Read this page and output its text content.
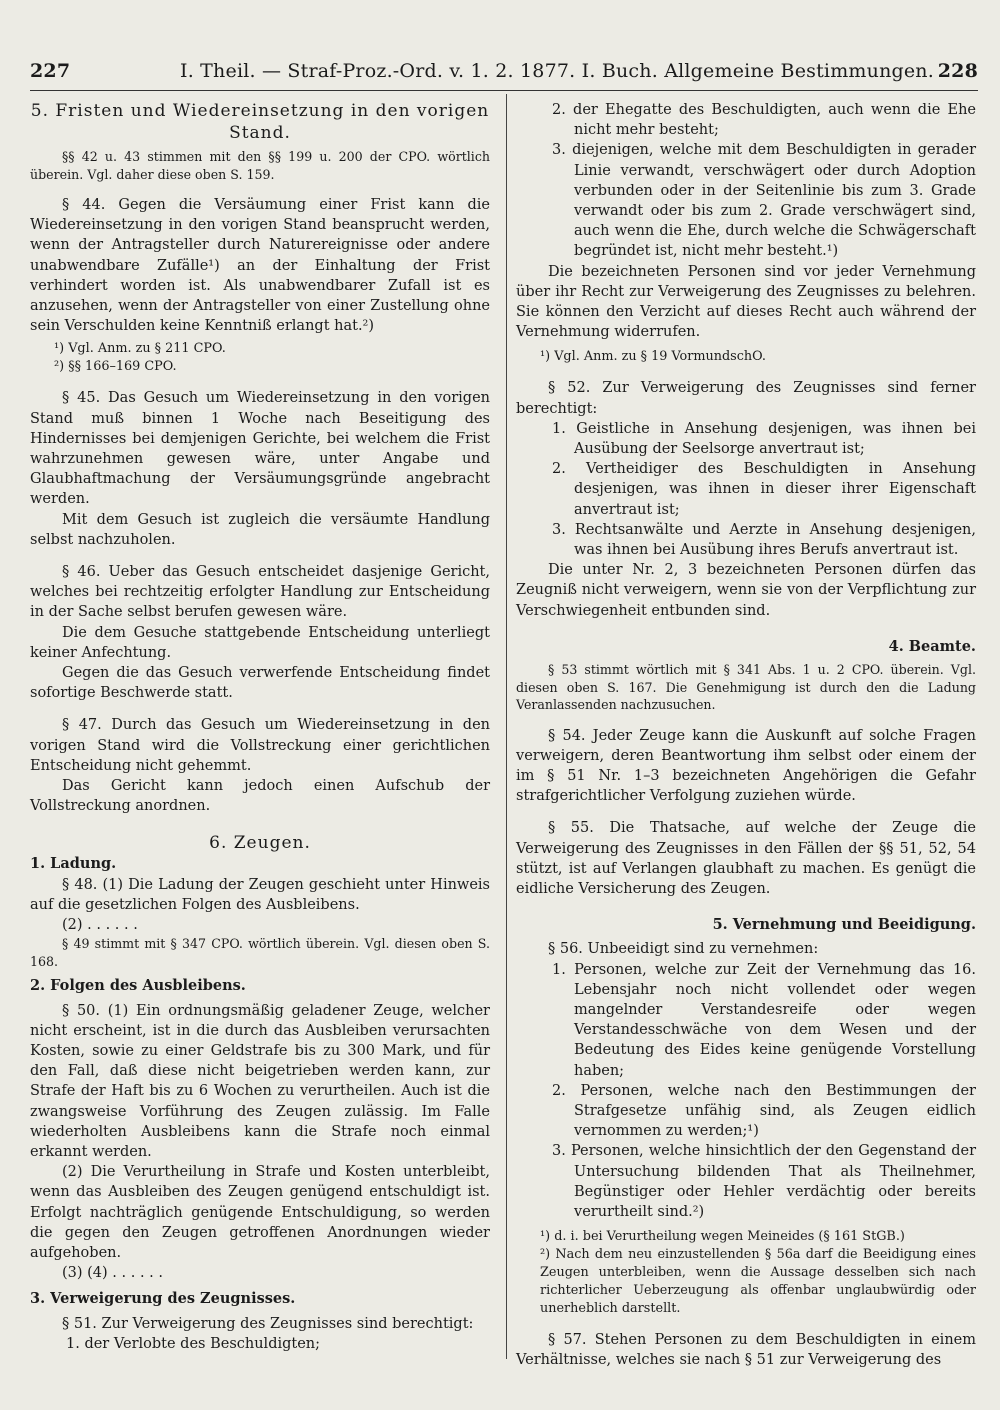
227	I. Theil. — Straf-Proz.-Ord. v. 1. 2. 1877. I. Buch. Allgemeine Bestimmungen. 228

5. Fristen und Wiedereinsetzung in den vorigen Stand.

§§ 42 u. 43 stimmen mit den §§ 199 u. 200 der CPO. wörtlich überein. Vgl. daher diese oben S. 159.

§ 44. Gegen die Versäumung einer Frist kann die Wiedereinsetzung in den vorigen Stand beansprucht werden, wenn der Antragsteller durch Naturereignisse oder andere unabwendbare Zufälle¹) an der Einhaltung der Frist verhindert worden ist. Als unabwendbarer Zufall ist es anzusehen, wenn der Antragsteller von einer Zustellung ohne sein Verschulden keine Kenntniß erlangt hat.²)

¹) Vgl. Anm. zu § 211 CPO.

²) §§ 166–169 CPO.

§ 45. Das Gesuch um Wiedereinsetzung in den vorigen Stand muß binnen 1 Woche nach Beseitigung des Hindernisses bei demjenigen Gerichte, bei welchem die Frist wahrzunehmen gewesen wäre, unter Angabe und Glaubhaftmachung der Versäumungsgründe angebracht werden.

Mit dem Gesuch ist zugleich die versäumte Handlung selbst nachzuholen.

§ 46. Ueber das Gesuch entscheidet dasjenige Gericht, welches bei rechtzeitig erfolgter Handlung zur Entscheidung in der Sache selbst berufen gewesen wäre.

Die dem Gesuche stattgebende Entscheidung unterliegt keiner Anfechtung.

Gegen die das Gesuch verwerfende Entscheidung findet sofortige Beschwerde statt.

§ 47. Durch das Gesuch um Wiedereinsetzung in den vorigen Stand wird die Vollstreckung einer gerichtlichen Entscheidung nicht gehemmt.

Das Gericht kann jedoch einen Aufschub der Vollstreckung anordnen.

6. Zeugen.

1. Ladung.

§ 48. (1) Die Ladung der Zeugen geschieht unter Hinweis auf die gesetzlichen Folgen des Ausbleibens.

(2) . . . . . .

§ 49 stimmt mit § 347 CPO. wörtlich überein. Vgl. diesen oben S. 168.

2. Folgen des Ausbleibens.

§ 50. (1) Ein ordnungsmäßig geladener Zeuge, welcher nicht erscheint, ist in die durch das Ausbleiben verursachten Kosten, sowie zu einer Geldstrafe bis zu 300 Mark, und für den Fall, daß diese nicht beigetrieben werden kann, zur Strafe der Haft bis zu 6 Wochen zu verurtheilen. Auch ist die zwangsweise Vorführung des Zeugen zulässig. Im Falle wiederholten Ausbleibens kann die Strafe noch einmal erkannt werden.

(2) Die Verurtheilung in Strafe und Kosten unterbleibt, wenn das Ausbleiben des Zeugen genügend entschuldigt ist. Erfolgt nachträglich genügende Entschuldigung, so werden die gegen den Zeugen getroffenen Anordnungen wieder aufgehoben.

(3) (4) . . . . . .

3. Verweigerung des Zeugnisses.

§ 51. Zur Verweigerung des Zeugnisses sind berechtigt:

1. der Verlobte des Beschuldigten;

2. der Ehegatte des Beschuldigten, auch wenn die Ehe nicht mehr besteht;

3. diejenigen, welche mit dem Beschuldigten in gerader Linie verwandt, verschwägert oder durch Adoption verbunden oder in der Seitenlinie bis zum 3. Grade verwandt oder bis zum 2. Grade verschwägert sind, auch wenn die Ehe, durch welche die Schwägerschaft begründet ist, nicht mehr besteht.¹)

Die bezeichneten Personen sind vor jeder Vernehmung über ihr Recht zur Verweigerung des Zeugnisses zu belehren. Sie können den Verzicht auf dieses Recht auch während der Vernehmung widerrufen.

¹) Vgl. Anm. zu § 19 VormundschO.

§ 52. Zur Verweigerung des Zeugnisses sind ferner berechtigt:

1. Geistliche in Ansehung desjenigen, was ihnen bei Ausübung der Seelsorge anvertraut ist;

2. Vertheidiger des Beschuldigten in Ansehung desjenigen, was ihnen in dieser ihrer Eigenschaft anvertraut ist;

3. Rechtsanwälte und Aerzte in Ansehung desjenigen, was ihnen bei Ausübung ihres Berufs anvertraut ist.

Die unter Nr. 2, 3 bezeichneten Personen dürfen das Zeugniß nicht verweigern, wenn sie von der Verpflichtung zur Verschwiegenheit entbunden sind.

4. Beamte.

§ 53 stimmt wörtlich mit § 341 Abs. 1 u. 2 CPO. überein. Vgl. diesen oben S. 167. Die Genehmigung ist durch den die Ladung Veranlassenden nachzusuchen.

§ 54. Jeder Zeuge kann die Auskunft auf solche Fragen verweigern, deren Beantwortung ihm selbst oder einem der im § 51 Nr. 1–3 bezeichneten Angehörigen die Gefahr strafgerichtlicher Verfolgung zuziehen würde.

§ 55. Die Thatsache, auf welche der Zeuge die Verweigerung des Zeugnisses in den Fällen der §§ 51, 52, 54 stützt, ist auf Verlangen glaubhaft zu machen. Es genügt die eidliche Versicherung des Zeugen.

5. Vernehmung und Beeidigung.

§ 56. Unbeeidigt sind zu vernehmen:

1. Personen, welche zur Zeit der Vernehmung das 16. Lebensjahr noch nicht vollendet oder wegen mangelnder Verstandesreife oder wegen Verstandesschwäche von dem Wesen und der Bedeutung des Eides keine genügende Vorstellung haben;

2. Personen, welche nach den Bestimmungen der Strafgesetze unfähig sind, als Zeugen eidlich vernommen zu werden;¹)

3. Personen, welche hinsichtlich der den Gegenstand der Untersuchung bildenden That als Theilnehmer, Begünstiger oder Hehler verdächtig oder bereits verurtheilt sind.²)

¹) d. i. bei Verurtheilung wegen Meineides (§ 161 StGB.)

²) Nach dem neu einzustellenden § 56a darf die Beeidigung eines Zeugen unterbleiben, wenn die Aussage desselben sich nach richterlicher Ueberzeugung als offenbar unglaubwürdig oder unerheblich darstellt.

§ 57. Stehen Personen zu dem Beschuldigten in einem Verhältnisse, welches sie nach § 51 zur Verweigerung des
